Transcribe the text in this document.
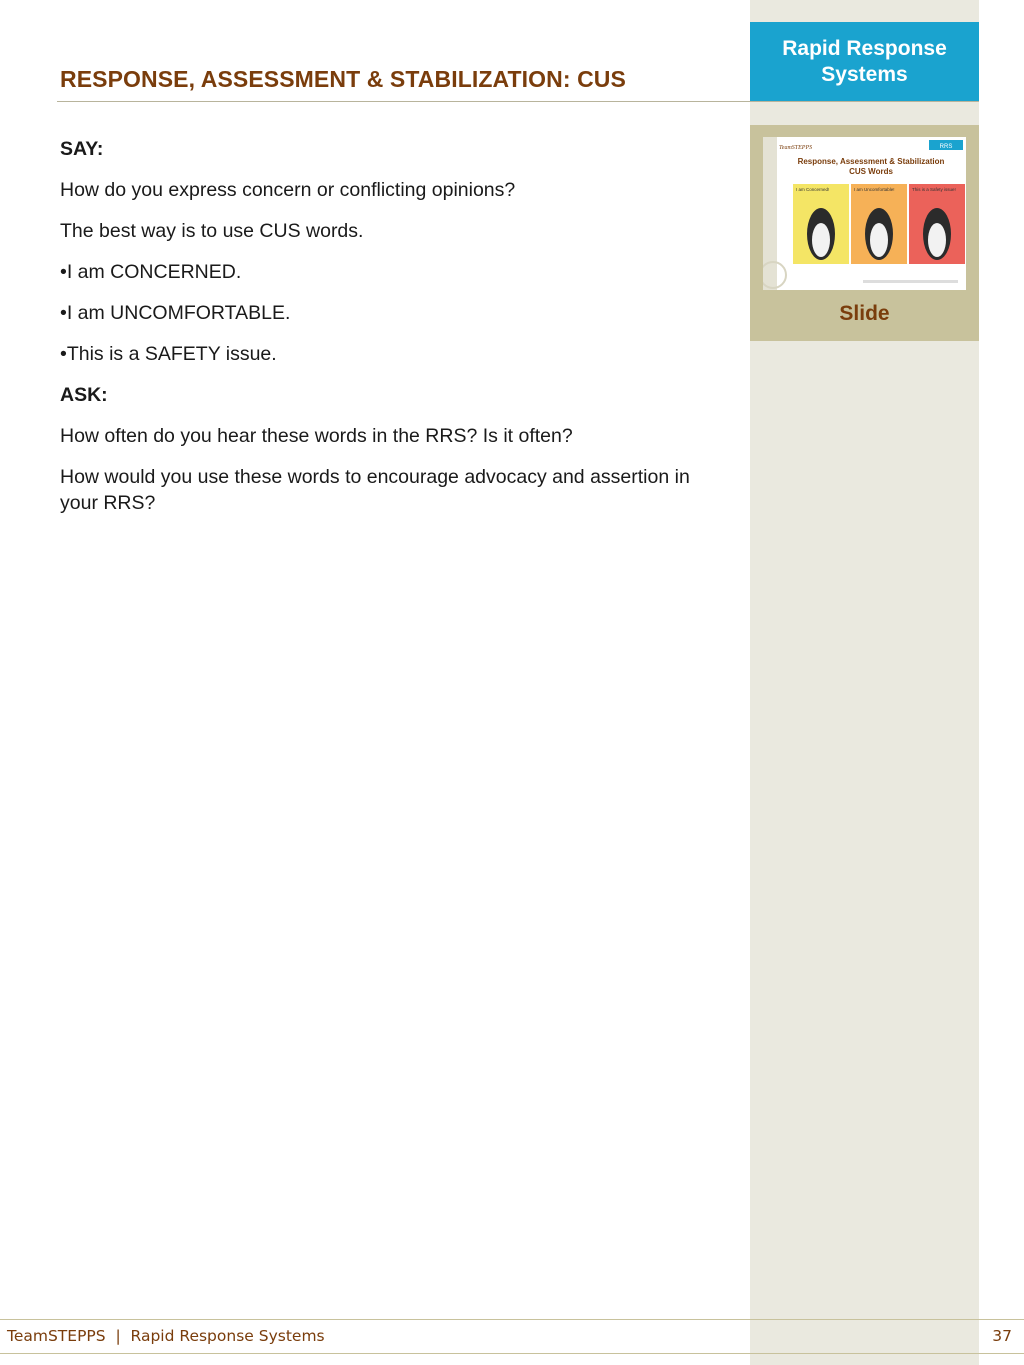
Rapid Response Systems
RESPONSE, ASSESSMENT & STABILIZATION: CUS
RRS
TeamSTEPPS
Response, Assessment & Stabilization
CUS Words
I am Concerned!	I am Uncomfortable!	This is a Safety issue!
Slide

SAY:

How do you express concern or conflicting opinions?

The best way is to use CUS words.

•I am CONCERNED.

•I am UNCOMFORTABLE.

•This is a SAFETY issue.

ASK:

How often do you hear these words in the RRS? Is it often?

How would you use these words to encourage advocacy and assertion in your RRS?

TeamSTEPPS  |  Rapid Response Systems	37
